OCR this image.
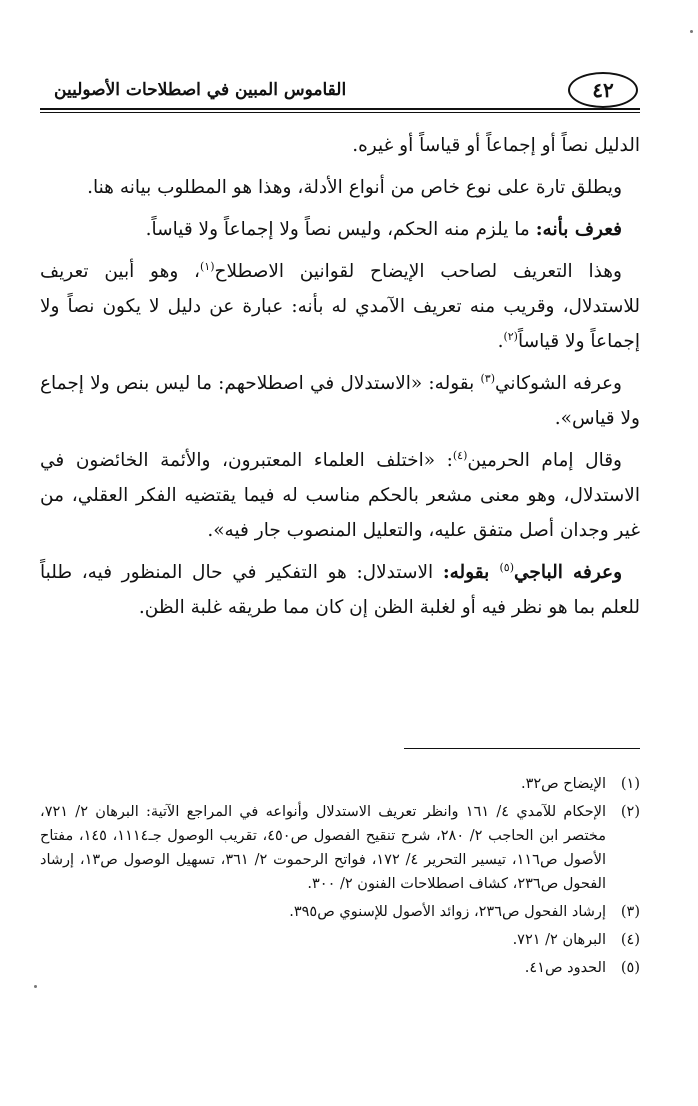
٤٢
القاموس المبين في اصطلاحات الأصوليين

الدليل نصاً أو إجماعاً أو قياساً أو غيره.

ويطلق تارة على نوع خاص من أنواع الأدلة، وهذا هو المطلوب بيانه هنا.

فعرف بأنه: ما يلزم منه الحكم، وليس نصاً ولا إجماعاً ولا قياساً.

وهذا التعريف لصاحب الإيضاح لقوانين الاصطلاح$^{(١)}$، وهو أبين تعريف للاستدلال، وقريب منه تعريف الآمدي له بأنه: عبارة عن دليل لا يكون نصاً ولا إجماعاً ولا قياساً$^{(٢)}$.

وعرفه الشوكاني$^{(٣)}$ بقوله: «الاستدلال في اصطلاحهم: ما ليس بنص ولا إجماع ولا قياس».

وقال إمام الحرمين$^{(٤)}$: «اختلف العلماء المعتبرون، والأئمة الخائضون في الاستدلال، وهو معنى مشعر بالحكم مناسب له فيما يقتضيه الفكر العقلي، من غير وجدان أصل متفق عليه، والتعليل المنصوب جار فيه».

وعرفه الباجي$^{(٥)}$ بقوله: الاستدلال: هو التفكير في حال المنظور فيه، طلباً للعلم بما هو نظر فيه أو لغلبة الظن إن كان مما طريقه غلبة الظن.

(١)
الإيضاح ص٣٢.
(٢)
الإحكام للآمدي ٤/ ١٦١ وانظر تعريف الاستدلال وأنواعه في المراجع الآتية: البرهان ٢/ ٧٢١، مختصر ابن الحاجب ٢/ ٢٨٠، شرح تنقيح الفصول ص٤٥٠، تقريب الوصول جـ١١١٤، ١٤٥، مفتاح الأصول ص١١٦، تيسير التحرير ٤/ ١٧٢، فواتح الرحموت ٢/ ٣٦١، تسهيل الوصول ص١٣، إرشاد الفحول ص٢٣٦، كشاف اصطلاحات الفنون ٢/ ٣٠٠.
(٣)
إرشاد الفحول ص٢٣٦، زوائد الأصول للإسنوي ص٣٩٥.
(٤)
البرهان ٢/ ٧٢١.
(٥)
الحدود ص٤١.
